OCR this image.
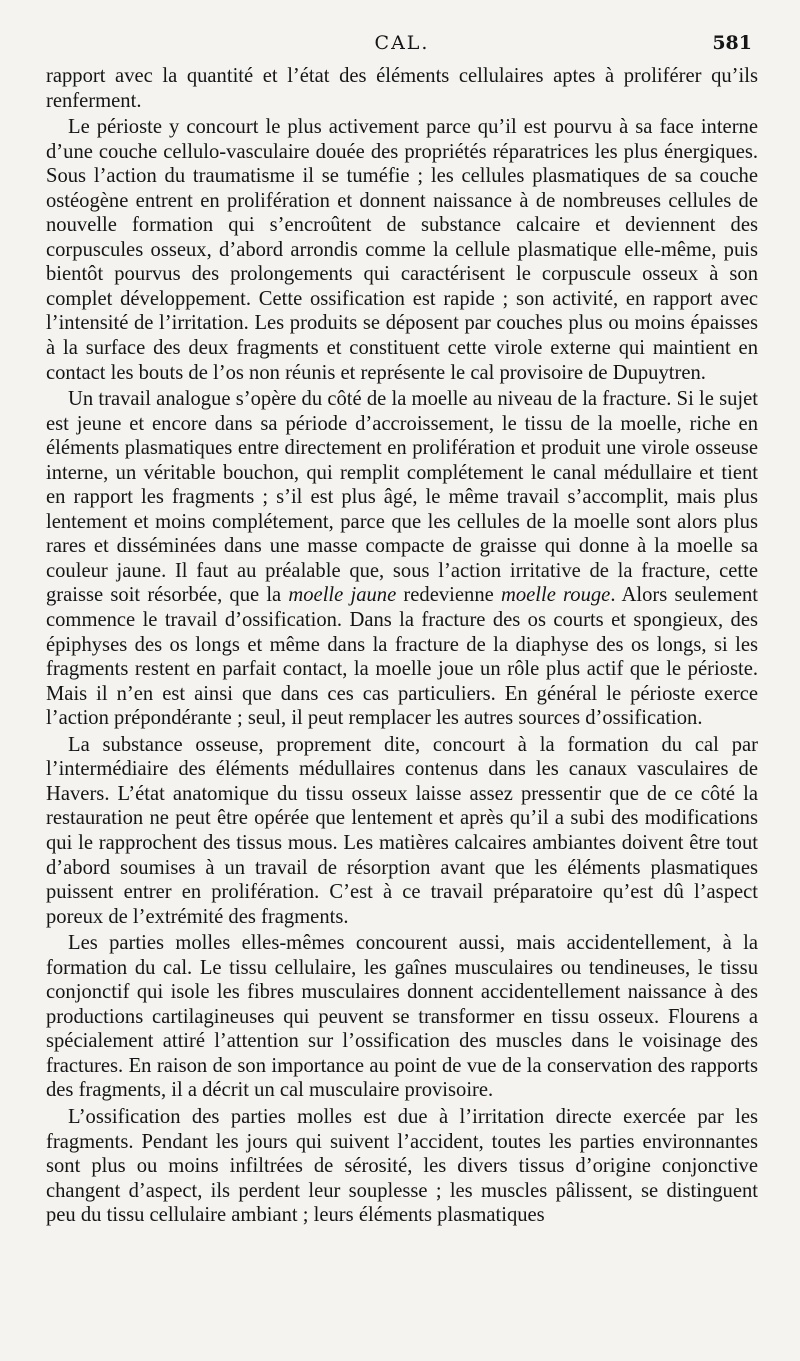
CAL.	581

rapport avec la quantité et l’état des éléments cellulaires aptes à proliférer qu’ils renferment.

Le périoste y concourt le plus activement parce qu’il est pourvu à sa face interne d’une couche cellulo-vasculaire douée des propriétés réparatrices les plus énergiques. Sous l’action du traumatisme il se tuméfie ; les cellules plasmatiques de sa couche ostéogène entrent en prolifération et donnent naissance à de nombreuses cellules de nouvelle formation qui s’encroûtent de substance calcaire et deviennent des corpuscules osseux, d’abord arrondis comme la cellule plasmatique elle-même, puis bientôt pourvus des prolongements qui caractérisent le corpuscule osseux à son complet développement. Cette ossification est rapide ; son activité, en rapport avec l’intensité de l’irritation. Les produits se déposent par couches plus ou moins épaisses à la surface des deux fragments et constituent cette virole externe qui maintient en contact les bouts de l’os non réunis et représente le cal provisoire de Dupuytren.

Un travail analogue s’opère du côté de la moelle au niveau de la fracture. Si le sujet est jeune et encore dans sa période d’accroissement, le tissu de la moelle, riche en éléments plasmatiques entre directement en prolifération et produit une virole osseuse interne, un véritable bouchon, qui remplit complétement le canal médullaire et tient en rapport les fragments ; s’il est plus âgé, le même travail s’accomplit, mais plus lentement et moins complétement, parce que les cellules de la moelle sont alors plus rares et disséminées dans une masse compacte de graisse qui donne à la moelle sa couleur jaune. Il faut au préalable que, sous l’action irritative de la fracture, cette graisse soit résorbée, que la moelle jaune redevienne moelle rouge. Alors seulement commence le travail d’ossification. Dans la fracture des os courts et spongieux, des épiphyses des os longs et même dans la fracture de la diaphyse des os longs, si les fragments restent en parfait contact, la moelle joue un rôle plus actif que le périoste. Mais il n’en est ainsi que dans ces cas particuliers. En général le périoste exerce l’action prépondérante ; seul, il peut remplacer les autres sources d’ossification.

La substance osseuse, proprement dite, concourt à la formation du cal par l’intermédiaire des éléments médullaires contenus dans les canaux vasculaires de Havers. L’état anatomique du tissu osseux laisse assez pressentir que de ce côté la restauration ne peut être opérée que lentement et après qu’il a subi des modifications qui le rapprochent des tissus mous. Les matières calcaires ambiantes doivent être tout d’abord soumises à un travail de résorption avant que les éléments plasmatiques puissent entrer en prolifération. C’est à ce travail préparatoire qu’est dû l’aspect poreux de l’extrémité des fragments.

Les parties molles elles-mêmes concourent aussi, mais accidentellement, à la formation du cal. Le tissu cellulaire, les gaînes musculaires ou tendineuses, le tissu conjonctif qui isole les fibres musculaires donnent accidentellement naissance à des productions cartilagineuses qui peuvent se transformer en tissu osseux. Flourens a spécialement attiré l’attention sur l’ossification des muscles dans le voisinage des fractures. En raison de son importance au point de vue de la conservation des rapports des fragments, il a décrit un cal musculaire provisoire.

L’ossification des parties molles est due à l’irritation directe exercée par les fragments. Pendant les jours qui suivent l’accident, toutes les parties environnantes sont plus ou moins infiltrées de sérosité, les divers tissus d’origine conjonctive changent d’aspect, ils perdent leur souplesse ; les muscles pâlissent, se distinguent peu du tissu cellulaire ambiant ; leurs éléments plasmatiques
